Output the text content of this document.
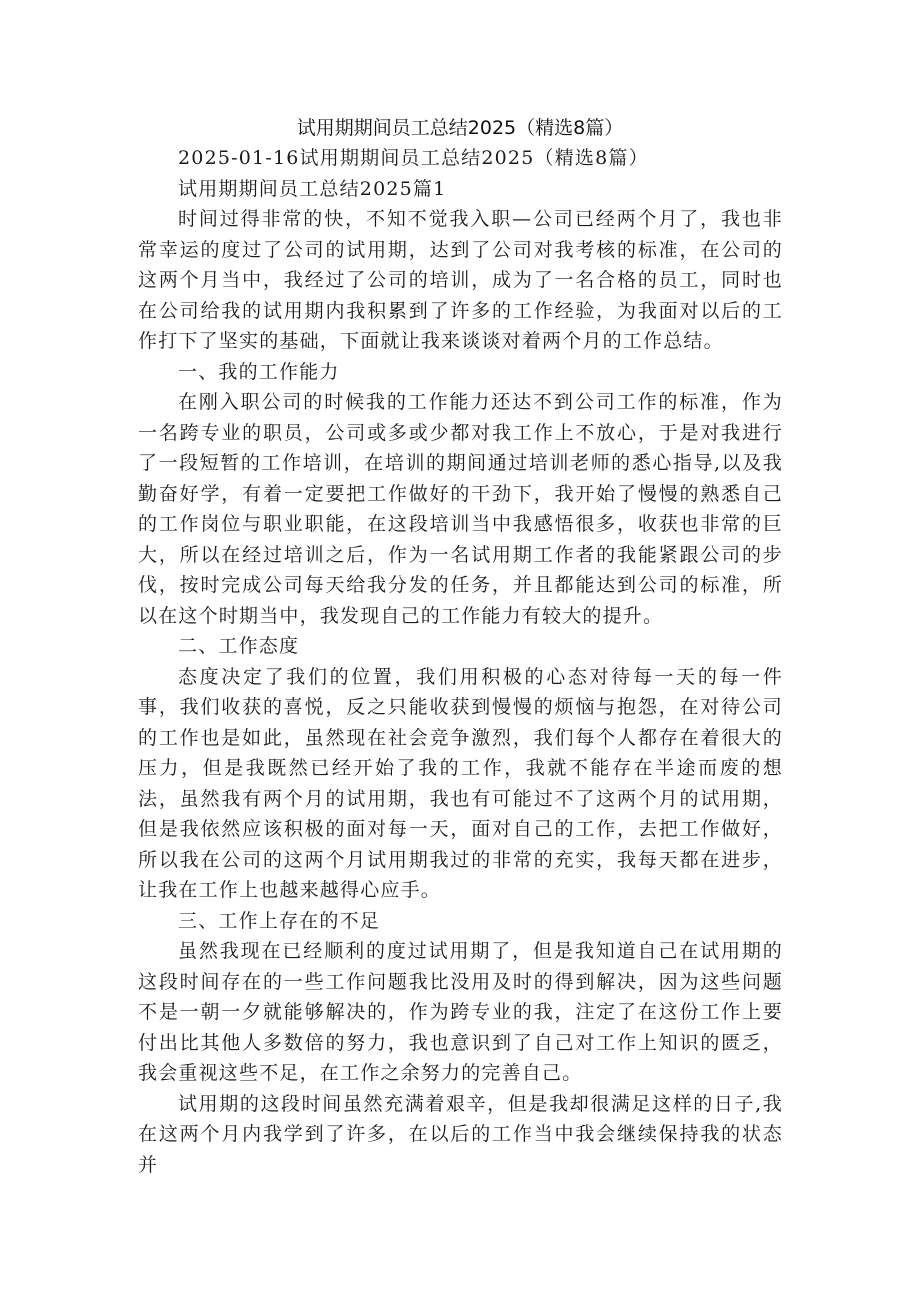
试用期期间员工总结2025（精选8篇）

2025-01-16试用期期间员工总结2025（精选8篇）

试用期期间员工总结2025篇1

时间过得非常的快，不知不觉我入职—公司已经两个月了，我也非常幸运的度过了公司的试用期，达到了公司对我考核的标准，在公司的这两个月当中，我经过了公司的培训，成为了一名合格的员工，同时也在公司给我的试用期内我积累到了许多的工作经验，为我面对以后的工作打下了坚实的基础，下面就让我来谈谈对着两个月的工作总结。

一、我的工作能力

在刚入职公司的时候我的工作能力还达不到公司工作的标准，作为一名跨专业的职员，公司或多或少都对我工作上不放心，于是对我进行了一段短暂的工作培训，在培训的期间通过培训老师的悉心指导,以及我勤奋好学，有着一定要把工作做好的干劲下，我开始了慢慢的熟悉自己的工作岗位与职业职能，在这段培训当中我感悟很多，收获也非常的巨大，所以在经过培训之后，作为一名试用期工作者的我能紧跟公司的步伐，按时完成公司每天给我分发的任务，并且都能达到公司的标准，所以在这个时期当中，我发现自己的工作能力有较大的提升。

二、工作态度

态度决定了我们的位置，我们用积极的心态对待每一天的每一件事，我们收获的喜悦，反之只能收获到慢慢的烦恼与抱怨，在对待公司的工作也是如此，虽然现在社会竞争激烈，我们每个人都存在着很大的压力，但是我既然已经开始了我的工作，我就不能存在半途而废的想法，虽然我有两个月的试用期，我也有可能过不了这两个月的试用期，但是我依然应该积极的面对每一天，面对自己的工作，去把工作做好，所以我在公司的这两个月试用期我过的非常的充实，我每天都在进步，让我在工作上也越来越得心应手。

三、工作上存在的不足

虽然我现在已经顺利的度过试用期了，但是我知道自己在试用期的这段时间存在的一些工作问题我比没用及时的得到解决，因为这些问题不是一朝一夕就能够解决的，作为跨专业的我，注定了在这份工作上要付出比其他人多数倍的努力，我也意识到了自己对工作上知识的匮乏，我会重视这些不足，在工作之余努力的完善自己。

试用期的这段时间虽然充满着艰辛，但是我却很满足这样的日子,我在这两个月内我学到了许多，在以后的工作当中我会继续保持我的状态并
